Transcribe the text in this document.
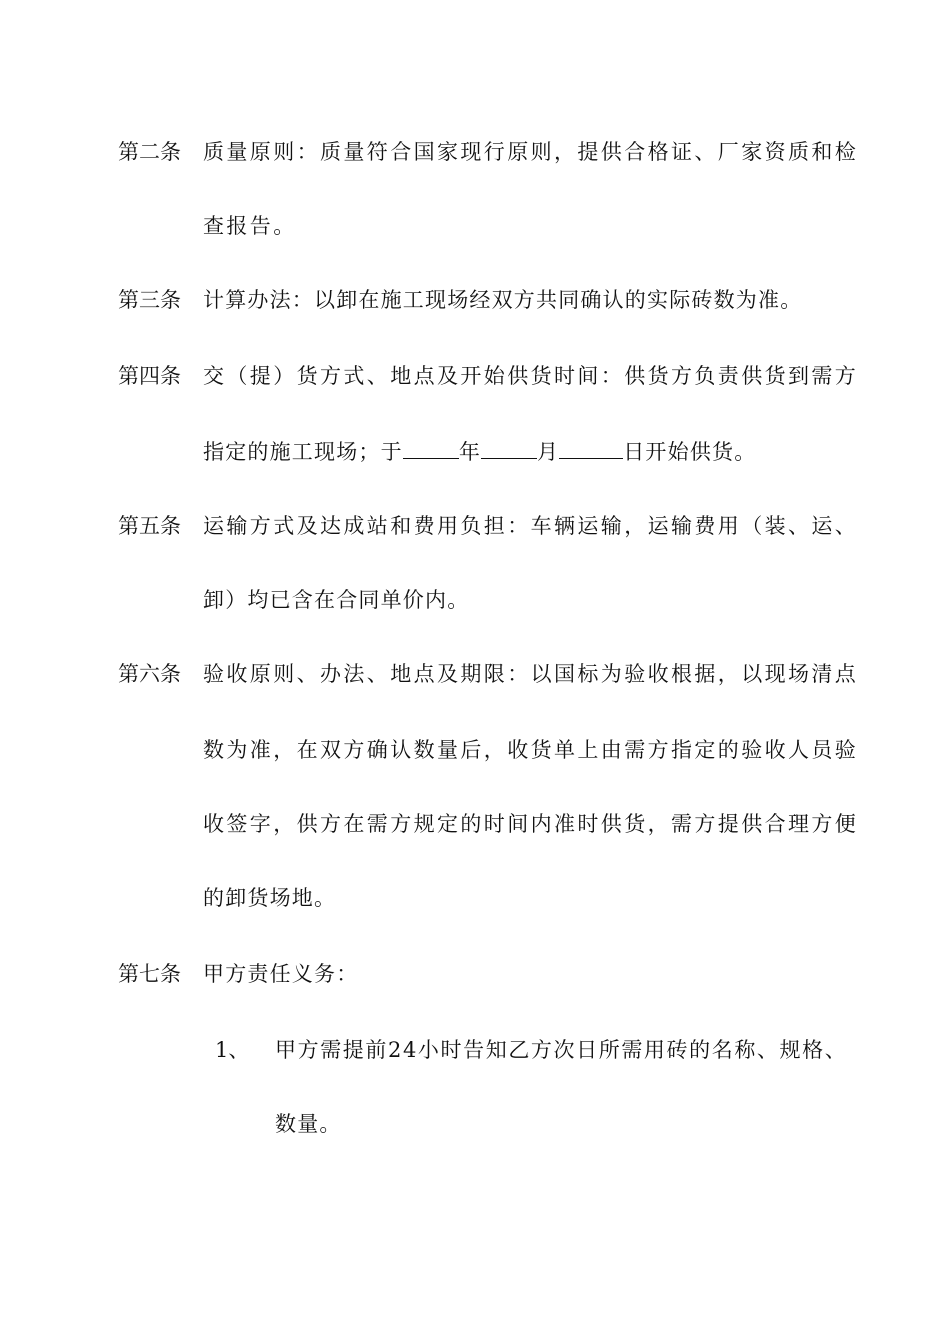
第二条 质量原则：质量符合国家现行原则，提供合格证、厂家资质和检
查报告。
第三条 计算办法：以卸在施工现场经双方共同确认的实际砖数为准。
第四条 交（提）货方式、地点及开始供货时间：供货方负责供货到需方
指定的施工现场；于	年	月	日开始供货。
第五条 运输方式及达成站和费用负担：车辆运输，运输费用（装、运、
卸）均已含在合同单价内。
第六条 验收原则、办法、地点及期限：以国标为验收根据，以现场清点
数为准，在双方确认数量后，收货单上由需方指定的验收人员验
收签字，供方在需方规定的时间内准时供货，需方提供合理方便
的卸货场地。
第七条 甲方责任义务：
1、 甲方需提前24小时告知乙方次日所需用砖的名称、规格、
数量。
